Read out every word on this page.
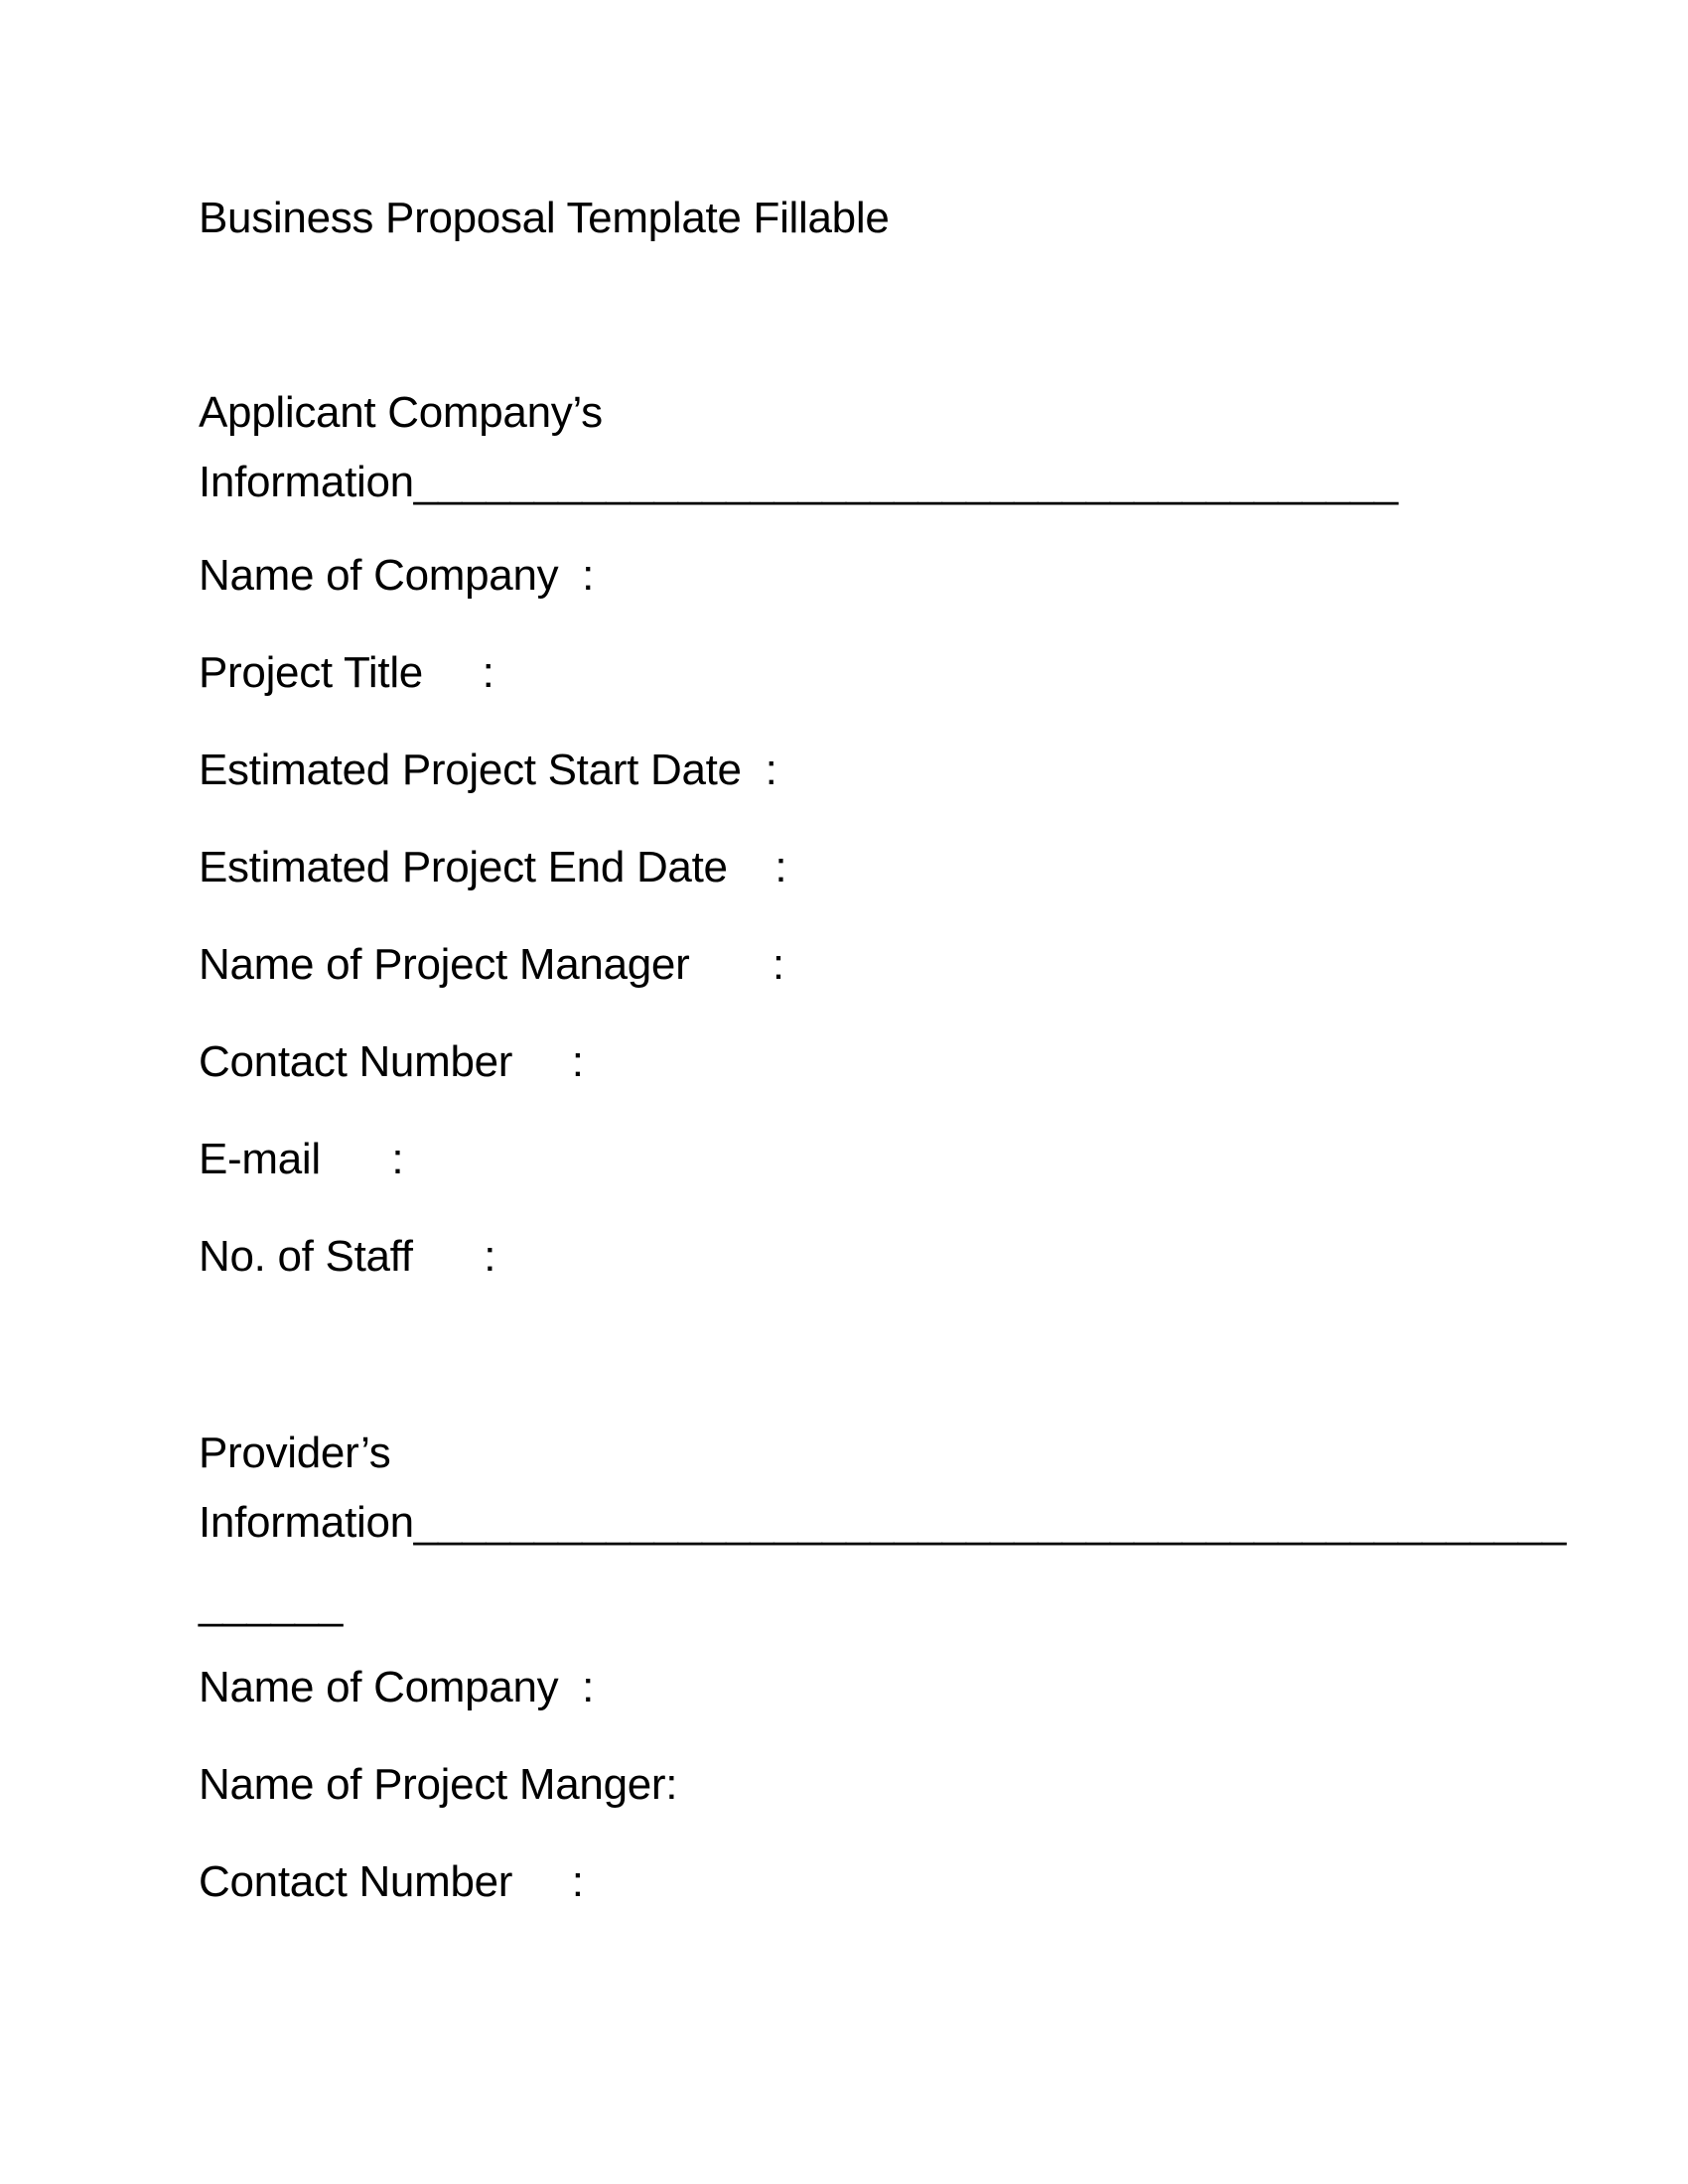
Business Proposal Template Fillable
Applicant Company’s
Information_________________________________________
Name of Company  :
Project Title     :
Estimated Project Start Date  :
Estimated Project End Date    :
Name of Project Manager       :
Contact Number     :
E-mail      :
No. of Staff      :
Provider’s
Information________________________________________________
______
Name of Company  :
Name of Project Manger:
Contact Number     :
